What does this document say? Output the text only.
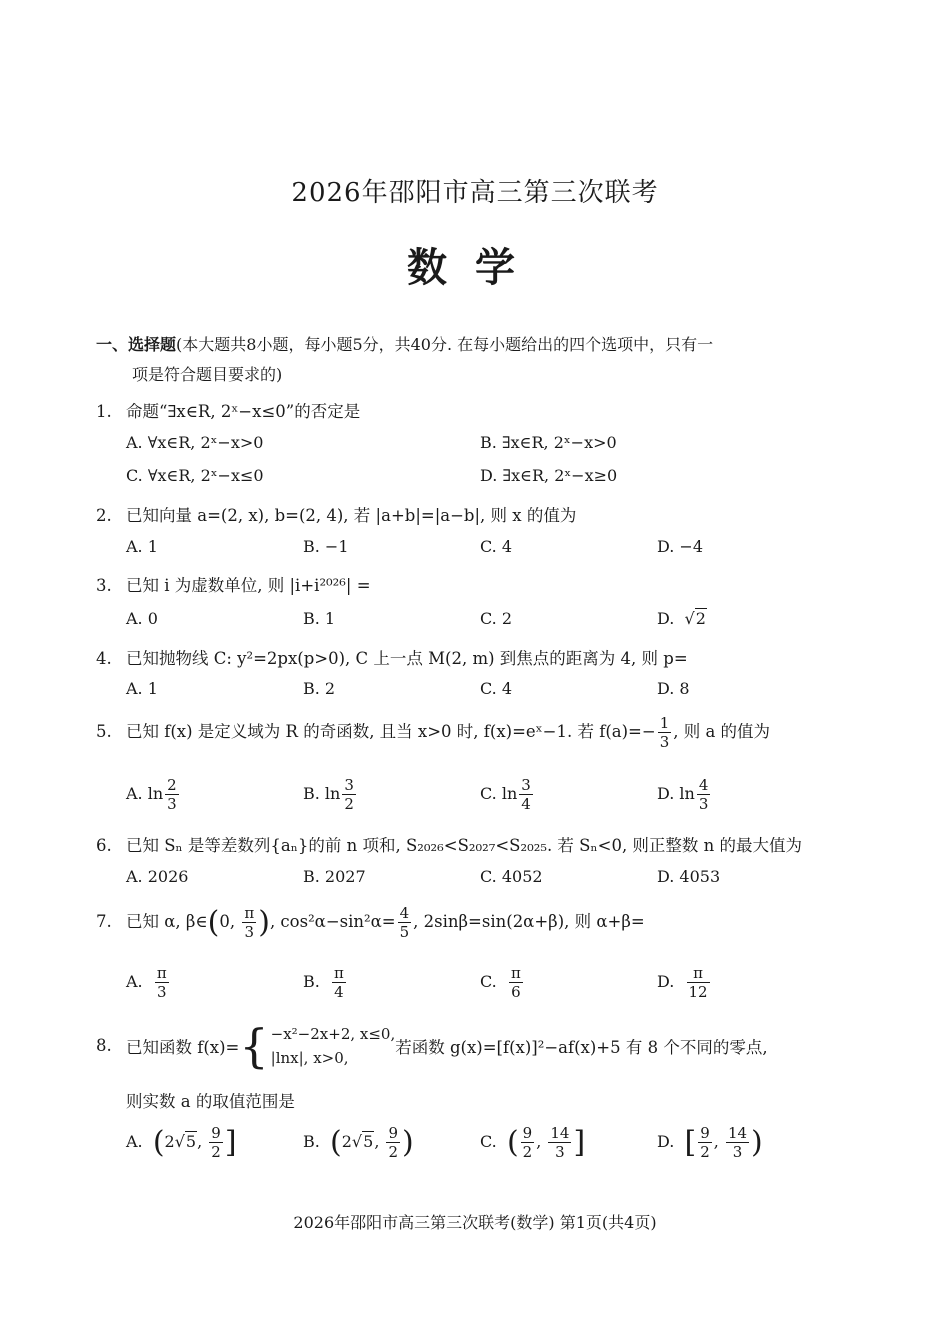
2026年邵阳市高三第三次联考
数学
一、选择题(本大题共8小题，每小题5分，共40分. 在每小题给出的四个选项中，只有一
项是符合题目要求的)
1. 命题“∃x∈R, 2ˣ−x≤0”的否定是
A. ∀x∈R, 2ˣ−x>0	B. ∃x∈R, 2ˣ−x>0
C. ∀x∈R, 2ˣ−x≤0	D. ∃x∈R, 2ˣ−x≥0
2. 已知向量 a=(2, x), b=(2, 4), 若 |a+b|=|a−b|, 则 x 的值为
A. 1	B. −1	C. 4	D. −4
3. 已知 i 为虚数单位, 则 |i+i²⁰²⁶| =
A. 0	B. 1	C. 2	D.  √2
4. 已知抛物线 C: y²=2px(p>0), C 上一点 M(2, m) 到焦点的距离为 4, 则 p=
A. 1	B. 2	C. 4	D. 8
5. 已知 f(x) 是定义域为 R 的奇函数, 且当 x>0 时, f(x)=eˣ−1. 若 $f(a)=- \frac{1}{3}$ , 则 a 的值为
A. $\ln \frac{2}{3}$	B. $\ln \frac{3}{2}$	C. $\ln \frac{3}{4}$	D. $\ln \frac{4}{3}$
6. 已知 Sₙ 是等差数列{aₙ}的前 n 项和, S₂₀₂₆<S₂₀₂₇<S₂₀₂₅. 若 Sₙ<0, 则正整数 n 的最大值为
A. 2026	B. 2027	C. 4052	D. 4053
7. 已知 α, β∈(0, $\frac{\pi}{3}$ ), $\cos^2\alpha-\sin^2\alpha= \frac{4}{5}$ , 2sinβ=sin(2α+β), 则 α+β=
A. $\frac{\pi}{3}$	B. $\frac{\pi}{4}$	C. $\frac{\pi}{6}$	D. $\frac{\pi}{12}$
8. 已知函数 f(x)={ −x²−2x+2, x≤0,
|lnx|, x>0,
若函数 g(x)=[f(x)]²−af(x)+5 有 8 个不同的零点,
则实数 a 的取值范围是
A. (2√5, $\frac{9}{2}$ ]	B. (2√5, $\frac{9}{2}$ )	C. ( $\frac{9}{2}$ , $\frac{14}{3}$ ]	D. [ $\frac{9}{2}$ , $\frac{14}{3}$ )
2026年邵阳市高三第三次联考(数学) 第1页(共4页)
